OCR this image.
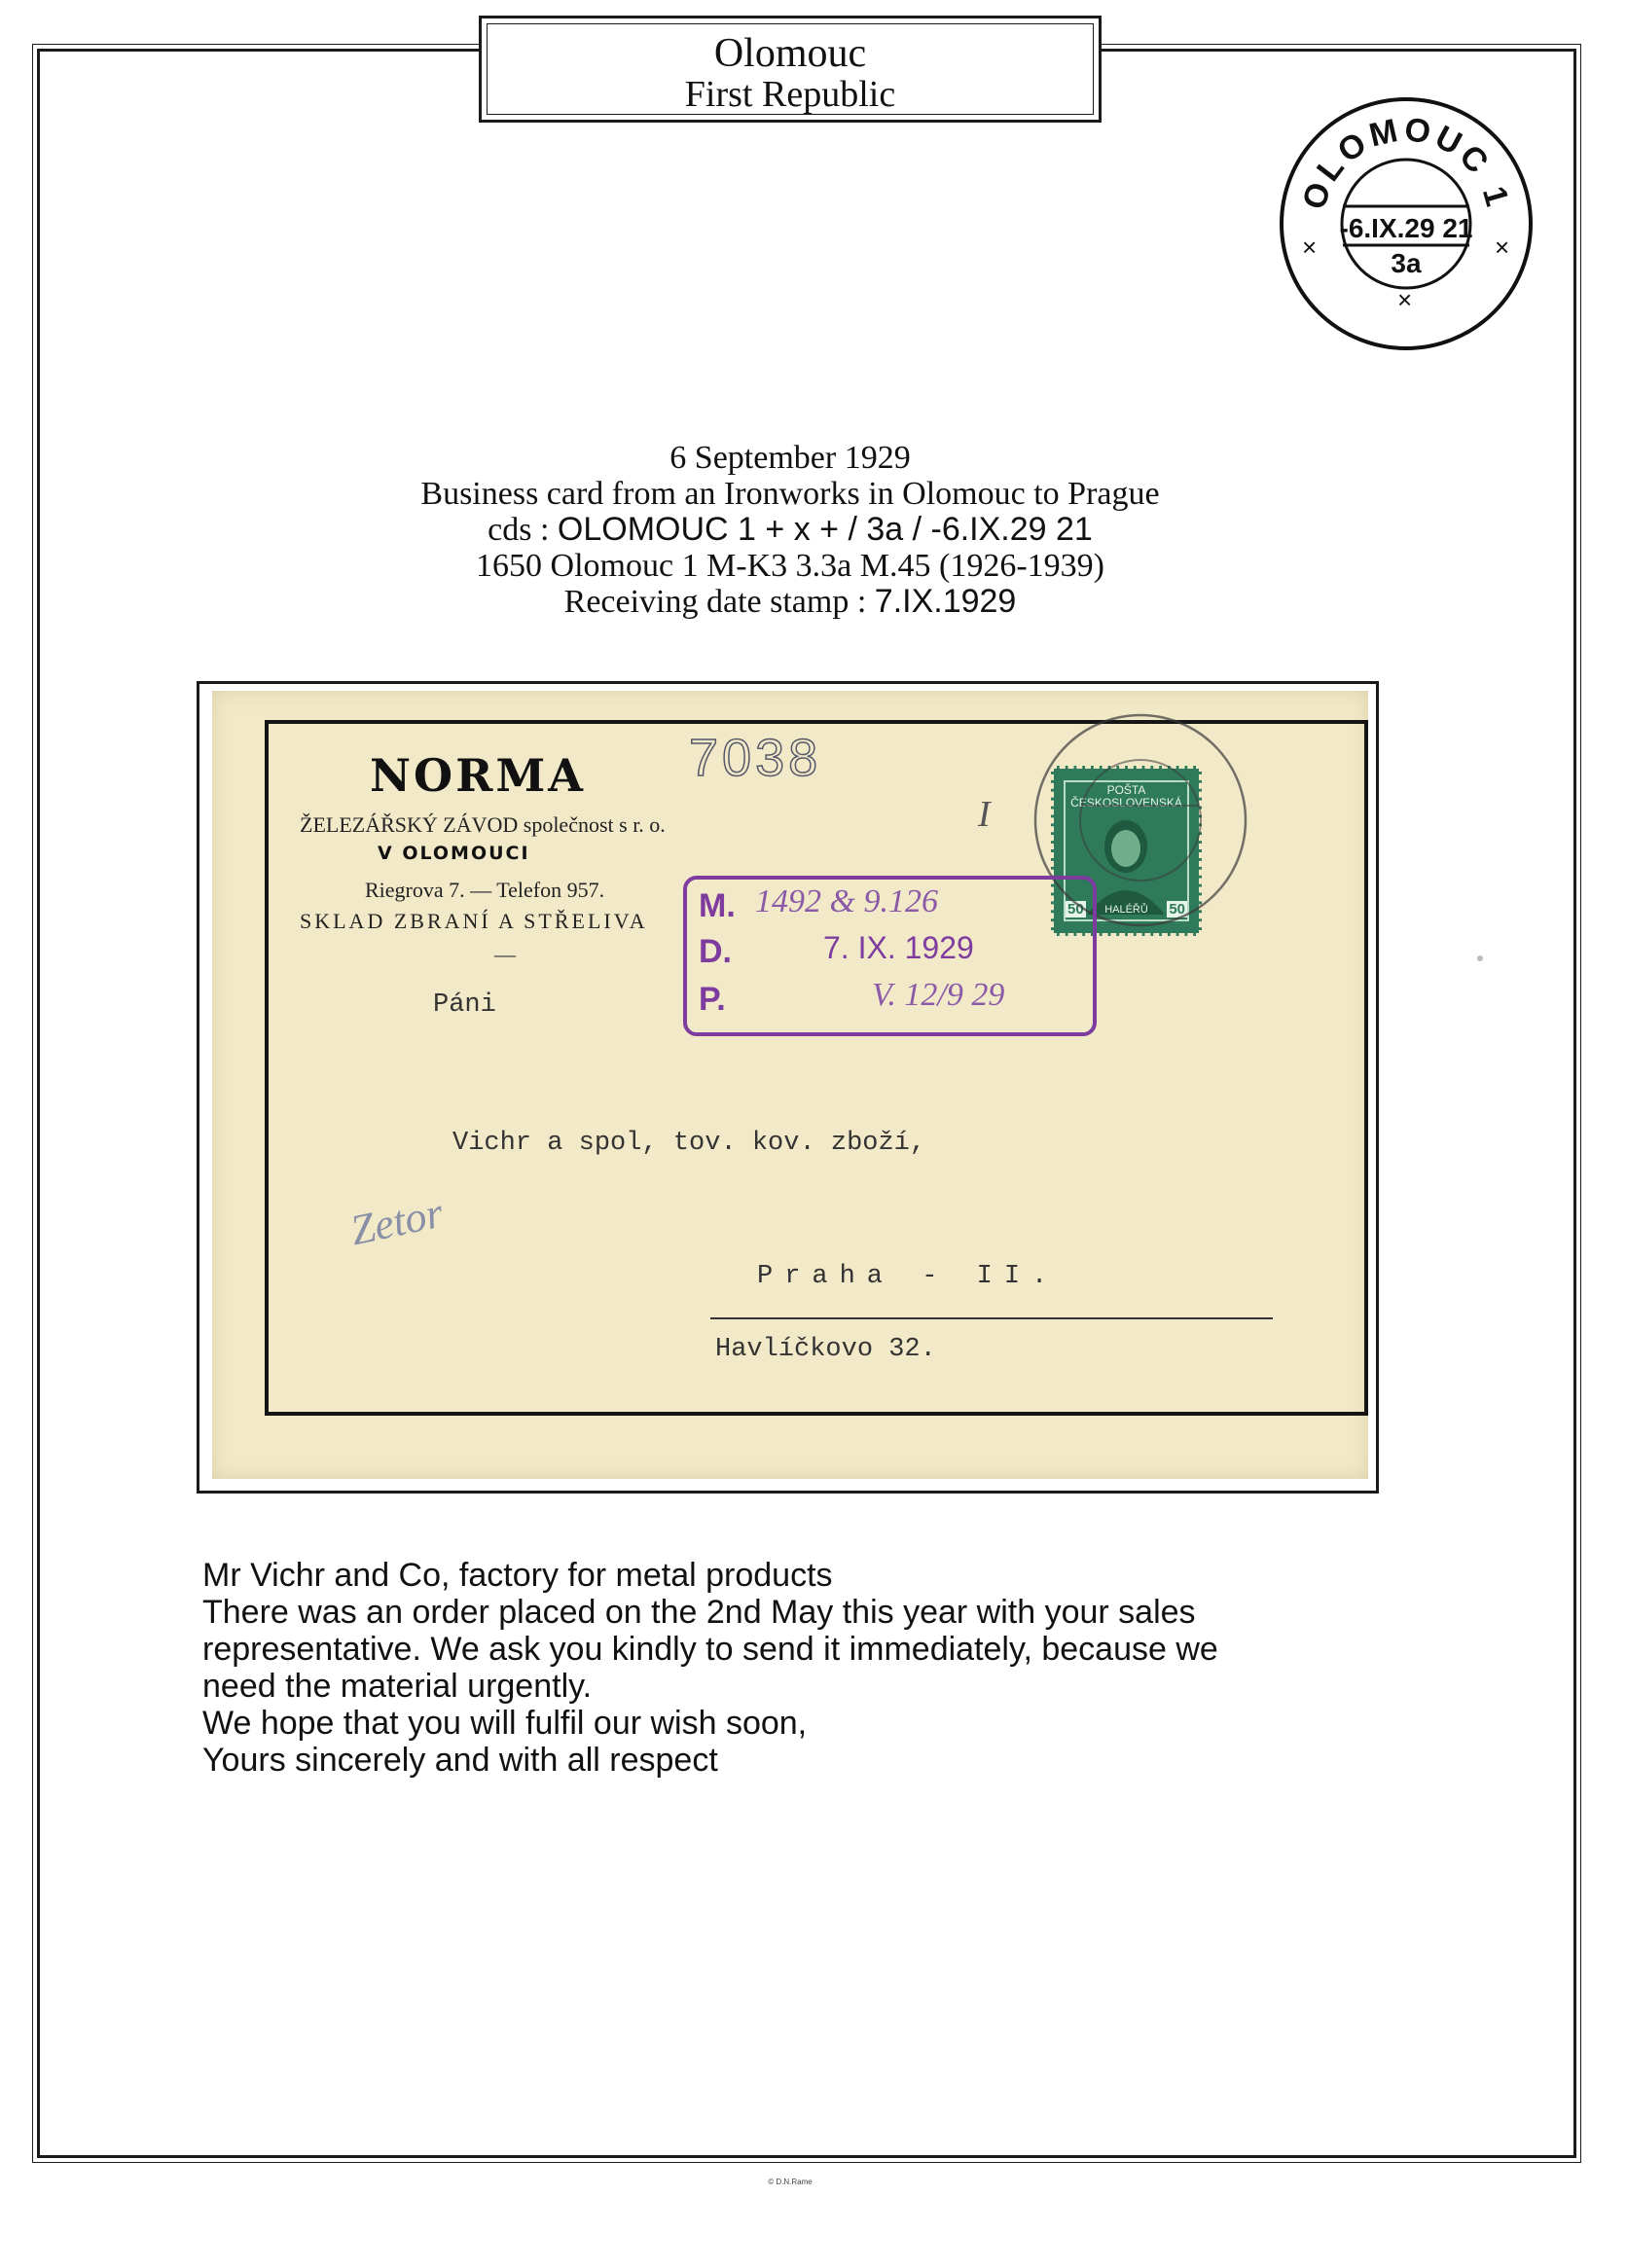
Olomouc
First Republic
OLOMOUC 1
-6.IX.29 21
3a
×	×
×
6 September 1929
Business card from an Ironworks in Olomouc to Prague
cds : OLOMOUC 1 + x + / 3a / -6.IX.29 21
1650 Olomouc 1 M-K3 3.3a M.45 (1926-1939)
Receiving date stamp : 7.IX.1929
NORMA
ŽELEZÁŘSKÝ ZÁVOD společnost s r. o.
V OLOMOUCI
Riegrova 7. — Telefon 957.
SKLAD ZBRANÍ A STŘELIVA
—
7038
I
POŠTA ČESKOSLOVENSKÁ
HALÉŘŮ
50	50
M.
D.
P.
1492 & 9.126
7. IX. 1929
V. 12/9 29
Páni
Vichr a spol, tov. kov. zboží,
Praha - II.
Havlíčkovo 32.
Zetor
Mr Vichr and Co, factory for metal products
There was an order placed on the 2nd May this year with your sales
representative. We ask you kindly to send it immediately, because we
need the material urgently.
We hope that you will fulfil our wish soon,
Yours sincerely and with all respect
© D.N.Rame
